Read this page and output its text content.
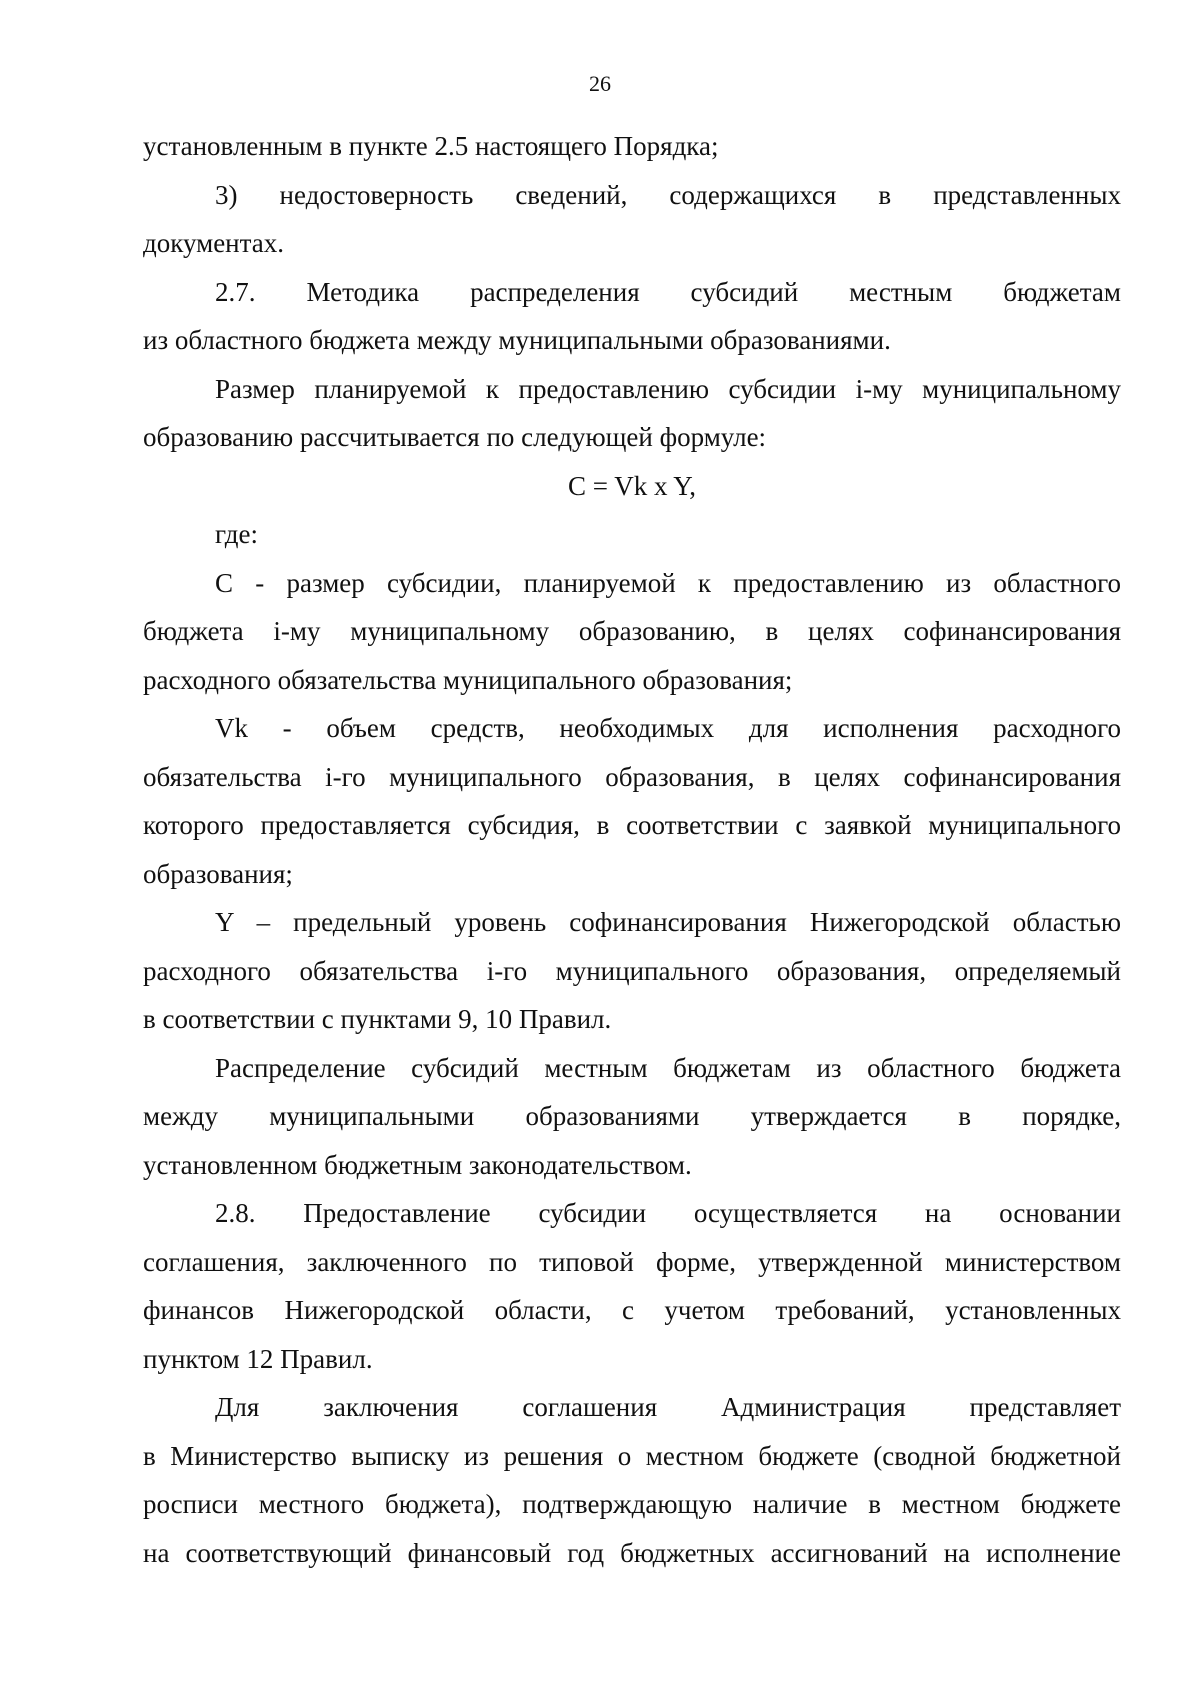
26
установленным в пункте 2.5 настоящего Порядка;
3) недостоверность сведений, содержащихся в представленных
документах.
2.7. Методика распределения субсидий местным бюджетам
из областного бюджета между муниципальными образованиями.
Размер планируемой к предоставлению субсидии i-му муниципальному
образованию рассчитывается по следующей формуле:
C = Vk x Y,
где:
C - размер субсидии, планируемой к предоставлению из областного
бюджета i-му муниципальному образованию, в целях софинансирования
расходного обязательства муниципального образования;
Vk - объем средств, необходимых для исполнения расходного
обязательства i-го муниципального образования, в целях софинансирования
которого предоставляется субсидия, в соответствии с заявкой муниципального
образования;
Y – предельный уровень софинансирования Нижегородской областью
расходного обязательства i-го муниципального образования, определяемый
в соответствии с пунктами 9, 10 Правил.
Распределение субсидий местным бюджетам из областного бюджета
между муниципальными образованиями утверждается в порядке,
установленном бюджетным законодательством.
2.8. Предоставление субсидии осуществляется на основании
соглашения, заключенного по типовой форме, утвержденной министерством
финансов Нижегородской области, с учетом требований, установленных
пунктом 12 Правил.
Для заключения соглашения Администрация представляет
в Министерство выписку из решения о местном бюджете (сводной бюджетной
росписи местного бюджета), подтверждающую наличие в местном бюджете
на соответствующий финансовый год бюджетных ассигнований на исполнение
